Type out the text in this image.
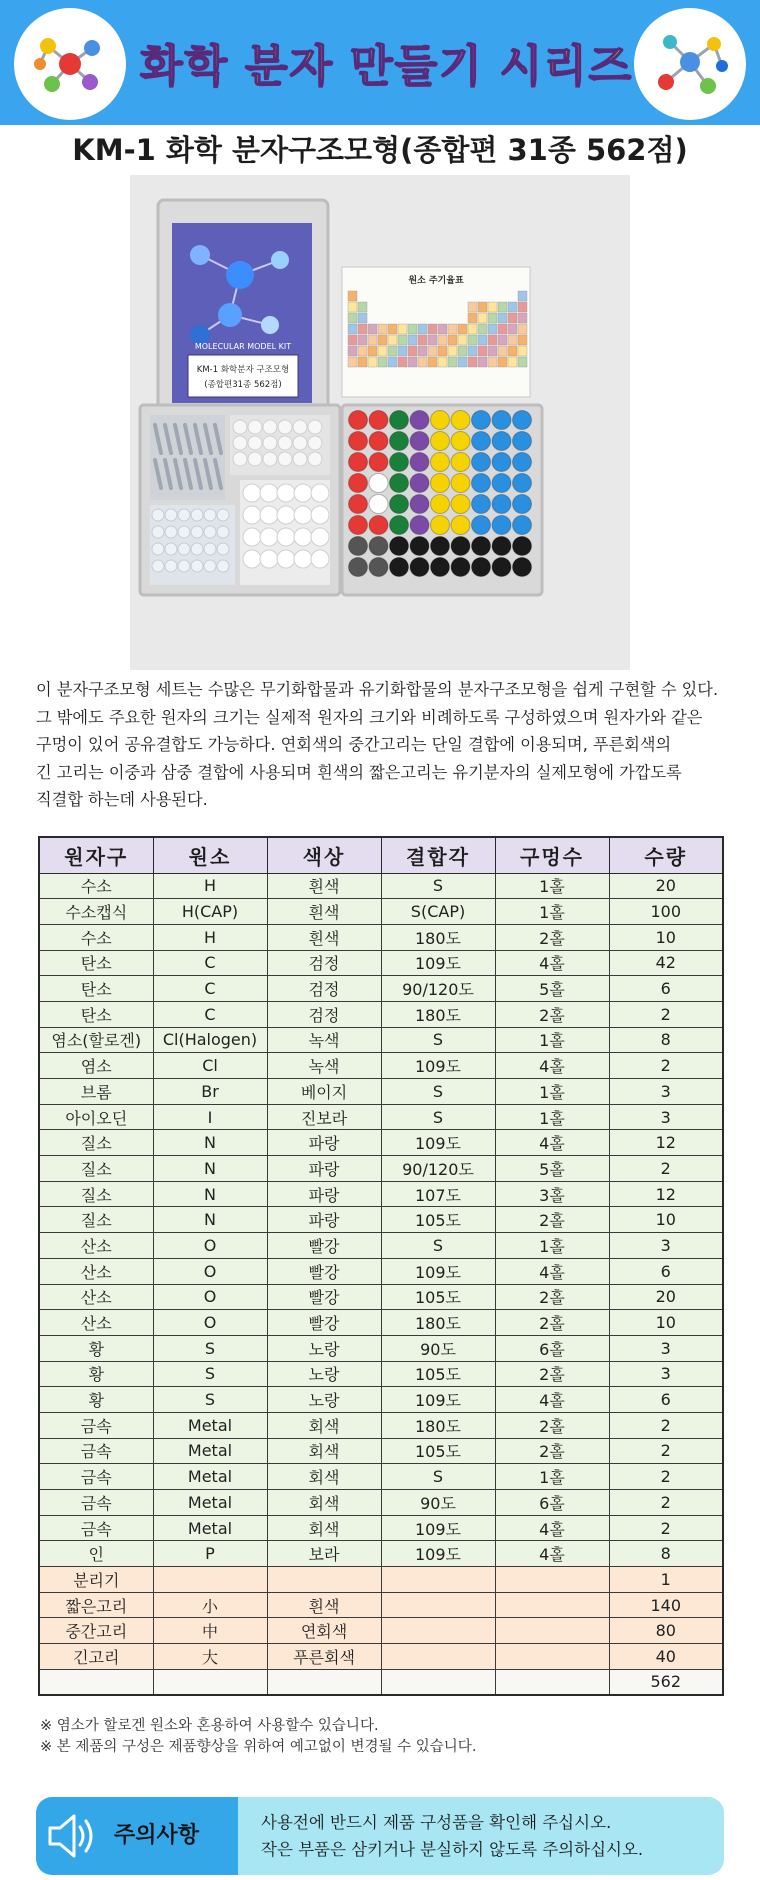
화학 분자 만들기 시리즈
KM-1 화학 분자구조모형(종합편 31종 562점)
MOLECULAR MODEL KIT
KM-1 화학분자 구조모형
(종합편31종 562점)
원소 주기율표

이 분자구조모형 세트는 수많은 무기화합물과 유기화합물의 분자구조모형을 쉽게 구현할 수 있다.

그 밖에도 주요한 원자의 크기는 실제적 원자의 크기와 비례하도록 구성하였으며 원자가와 같은

구멍이 있어 공유결합도 가능하다. 연회색의 중간고리는 단일 결합에 이용되며, 푸른회색의

긴 고리는 이중과 삼중 결합에 사용되며 흰색의 짧은고리는 유기분자의 실제모형에 가깝도록

직결합 하는데 사용된다.

원자구	원소	색상	결합각	구멍수	수량
수소	H	흰색	S	1홀	20
수소캡식	H(CAP)	흰색	S(CAP)	1홀	100
수소	H	흰색	180도	2홀	10
탄소	C	검정	109도	4홀	42
탄소	C	검정	90/120도	5홀	6
탄소	C	검정	180도	2홀	2
염소(할로겐)	Cl(Halogen)	녹색	S	1홀	8
염소	Cl	녹색	109도	4홀	2
브롬	Br	베이지	S	1홀	3
아이오딘	I	진보라	S	1홀	3
질소	N	파랑	109도	4홀	12
질소	N	파랑	90/120도	5홀	2
질소	N	파랑	107도	3홀	12
질소	N	파랑	105도	2홀	10
산소	O	빨강	S	1홀	3
산소	O	빨강	109도	4홀	6
산소	O	빨강	105도	2홀	20
산소	O	빨강	180도	2홀	10
황	S	노랑	90도	6홀	3
황	S	노랑	105도	2홀	3
황	S	노랑	109도	4홀	6
금속	Metal	회색	180도	2홀	2
금속	Metal	회색	105도	2홀	2
금속	Metal	회색	S	1홀	2
금속	Metal	회색	90도	6홀	2
금속	Metal	회색	109도	4홀	2
인	P	보라	109도	4홀	8
분리기					1
짧은고리	小	흰색			140
중간고리	中	연회색			80
긴고리	大	푸른회색			40
					562

※ 염소가 할로겐 원소와 혼용하여 사용할수 있습니다.

※ 본 제품의 구성은 제품향상을 위하여 예고없이 변경될 수 있습니다.

주의사항

사용전에 반드시 제품 구성품을 확인해 주십시오.

작은 부품은 삼키거나 분실하지 않도록 주의하십시오.
